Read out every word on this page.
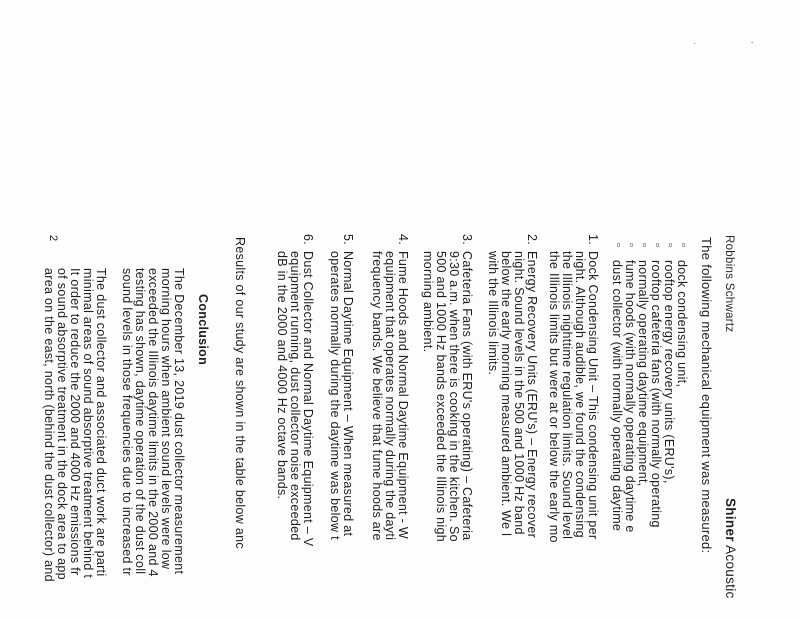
'
·
Robbins Schwartz
Shiner Acoustic
The following mechanical equipment was measured:
▫ dock condensing unit,
▫ rooftop energy recovery units (ERU's),
▫ rooftop cafeteria fans (with normally operating
▫ normally operating daytime equipment,
▫ fume hoods (with normally operating daytime e
▫ dust collector (with normally operating daytime
1.
Dock Condensing Unit – This condensing unit per
night. Although audible, we found the condensing
the Illinois nighttime regulation limits. Sound level
the Illinois limits but were at or below the early mo
2.
Energy Recovery Units (ERU's) – Energy recover
night. Sound levels in the 500 and 1000 Hz band
below the early morning measured ambient. We l
with the Illinois limits.
3.
Cafeteria Fans (with ERU's operating) – Cafeteria
9:30 a.m. when there is cooking in the kitchen. So
500 and 1000 Hz bands exceeded the Illinois nigh
morning ambient.
4.
Fume Hoods and Normal Daytime Equipment - W
equipment that operates normally during the dayti
frequency bands. We believe that fume hoods are
5.
Normal Daytime Equipment – When measured at
operates normally during the daytime was below t
6.
Dust Collector and Normal Daytime Equipment – V
equipment running, dust collector noise exceeded
dB in the 2000 and 4000 Hz octave bands.
Results of our study are shown in the table below anc
Conclusion
The December 13, 2019 dust collector measurement
morning hours when ambient sound levels were low
exceeded the Illinois daytime limits in the 2000 and 4
testing has shown, daytime operation of the dust coll
sound levels in those frequencies due to increased tr
The dust collector and associated duct work are parti
minimal areas of sound absorptive treatment behind t
It order to reduce the 2000 and 4000 Hz emissions fr
of sound absorptive treatment in the dock area to app
area on the east, north (behind the dust collector) and
2
